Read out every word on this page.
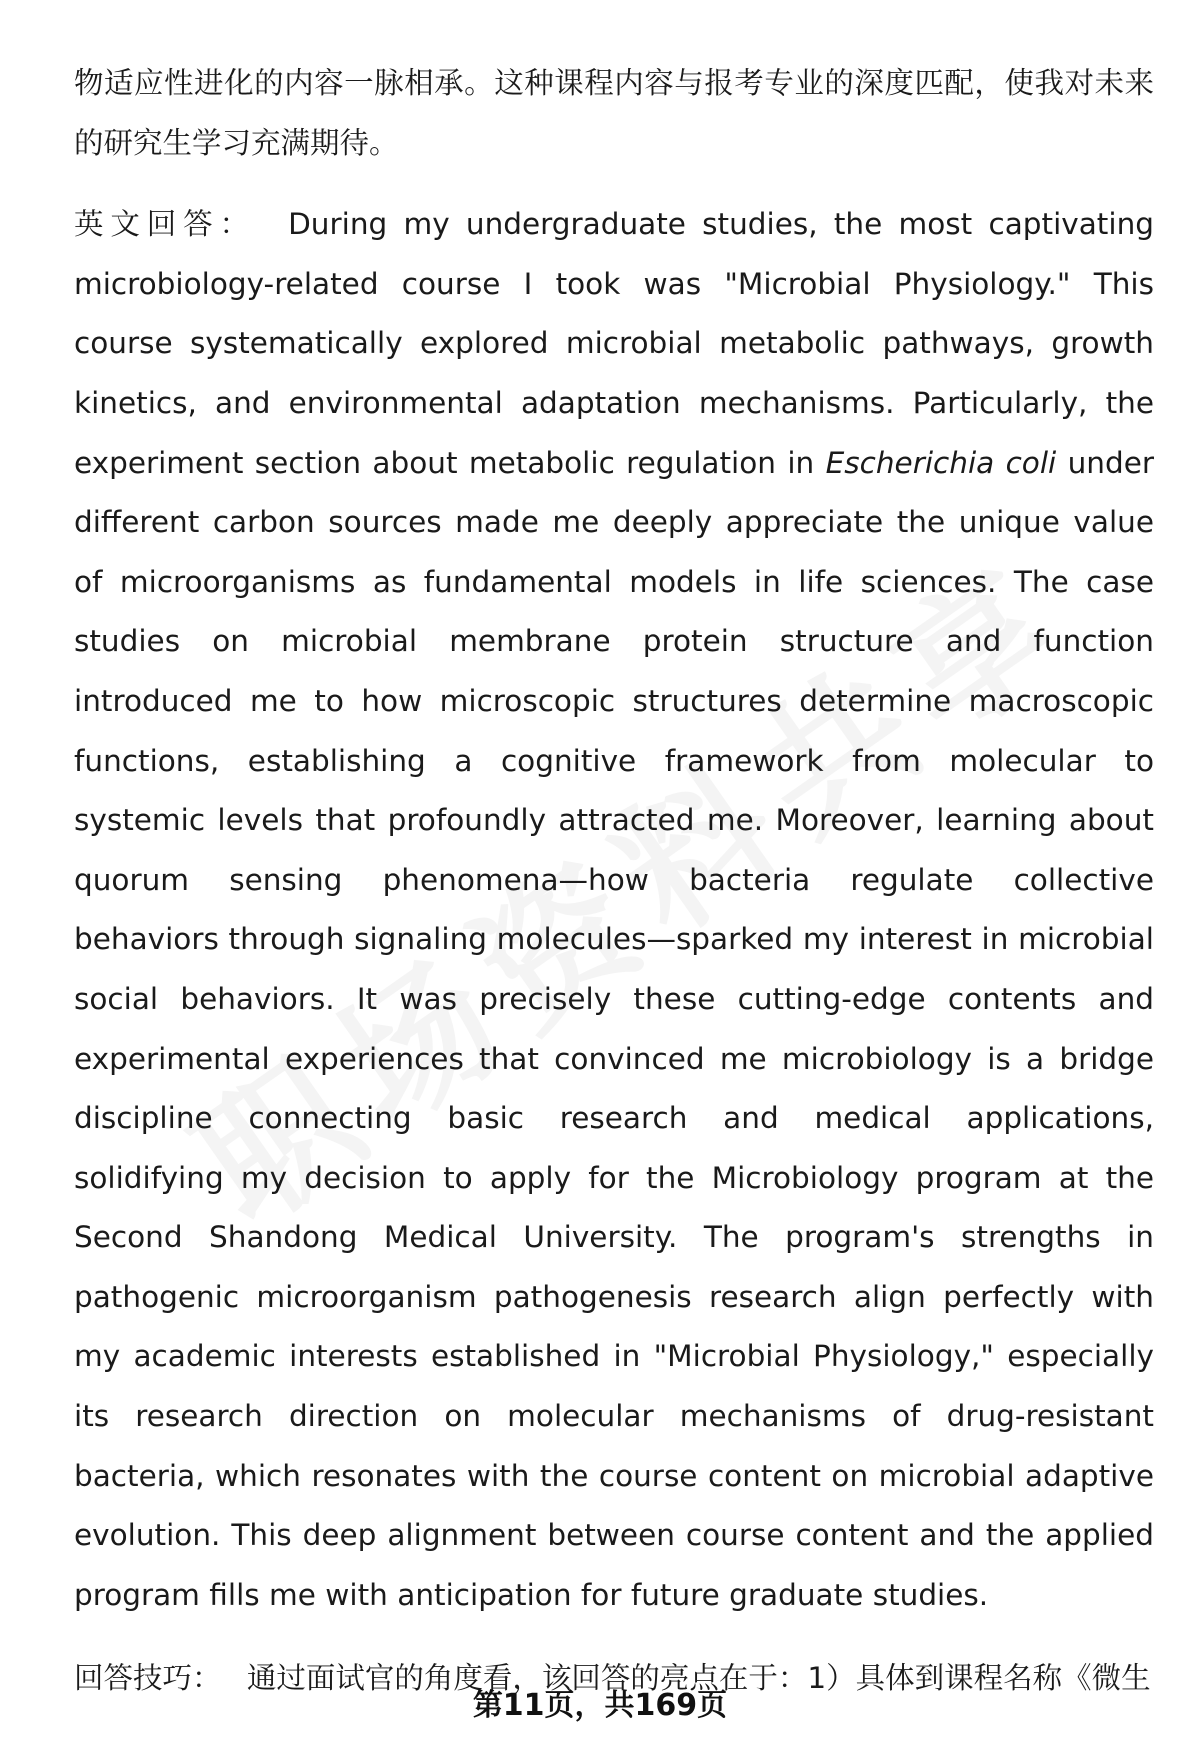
物适应性进化的内容一脉相承。这种课程内容与报考专业的深度匹配，使我对未来的研究生学习充满期待。

英文回答： During my undergraduate studies, the most captivating microbiology-related course I took was "Microbial Physiology." This course systematically explored microbial metabolic pathways, growth kinetics, and environmental adaptation mechanisms. Particularly, the experiment section about metabolic regulation in Escherichia coli under different carbon sources made me deeply appreciate the unique value of microorganisms as fundamental models in life sciences. The case studies on microbial membrane protein structure and function introduced me to how microscopic structures determine macroscopic functions, establishing a cognitive framework from molecular to systemic levels that profoundly attracted me. Moreover, learning about quorum sensing phenomena—how bacteria regulate collective behaviors through signaling molecules—sparked my interest in microbial social behaviors. It was precisely these cutting-edge contents and experimental experiences that convinced me microbiology is a bridge discipline connecting basic research and medical applications, solidifying my decision to apply for the Microbiology program at the Second Shandong Medical University. The program's strengths in pathogenic microorganism pathogenesis research align perfectly with my academic interests established in "Microbial Physiology," especially its research direction on molecular mechanisms of drug-resistant bacteria, which resonates with the course content on microbial adaptive evolution. This deep alignment between course content and the applied program fills me with anticipation for future graduate studies.

回答技巧： 通过面试官的角度看，该回答的亮点在于：1）具体到课程名称《微生

第11页，共169页
